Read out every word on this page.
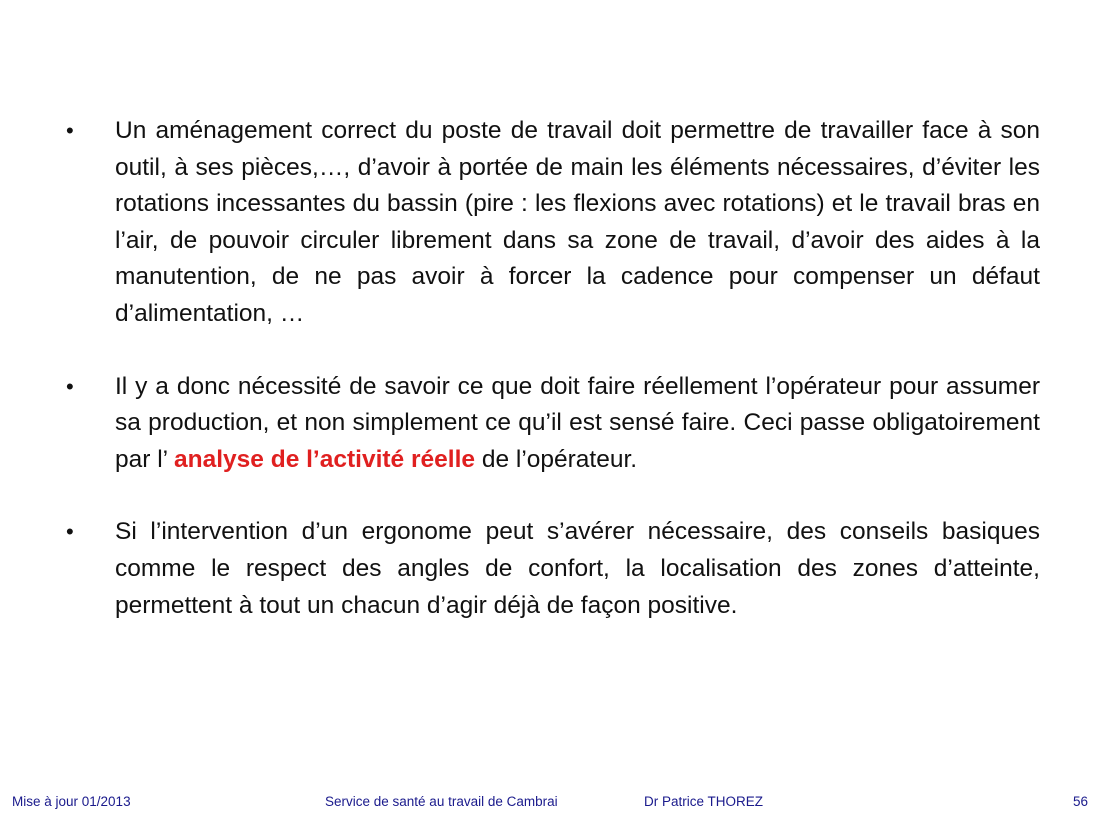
•	Un aménagement correct du poste de travail doit permettre de travailler face à son outil, à ses pièces,…, d’avoir à portée de main les éléments nécessaires, d’éviter les rotations incessantes du bassin (pire : les flexions avec rotations) et le travail bras en l’air, de pouvoir circuler librement dans sa zone de travail, d’avoir des aides à la manutention, de ne pas avoir à forcer la cadence pour compenser un défaut d’alimentation, …
•	Il y a donc nécessité de savoir ce que doit faire réellement l’opérateur pour assumer sa production, et non simplement ce qu’il est sensé faire. Ceci passe obligatoirement par l’ analyse de l’activité réelle de l’opérateur.
•	Si l’intervention d’un ergonome peut s’avérer nécessaire, des conseils basiques comme le respect des angles de confort, la localisation des zones d’atteinte, permettent à tout un chacun d’agir déjà de façon positive.
Mise à jour 01/2013	Service de santé au travail de Cambrai	Dr Patrice THOREZ	56
